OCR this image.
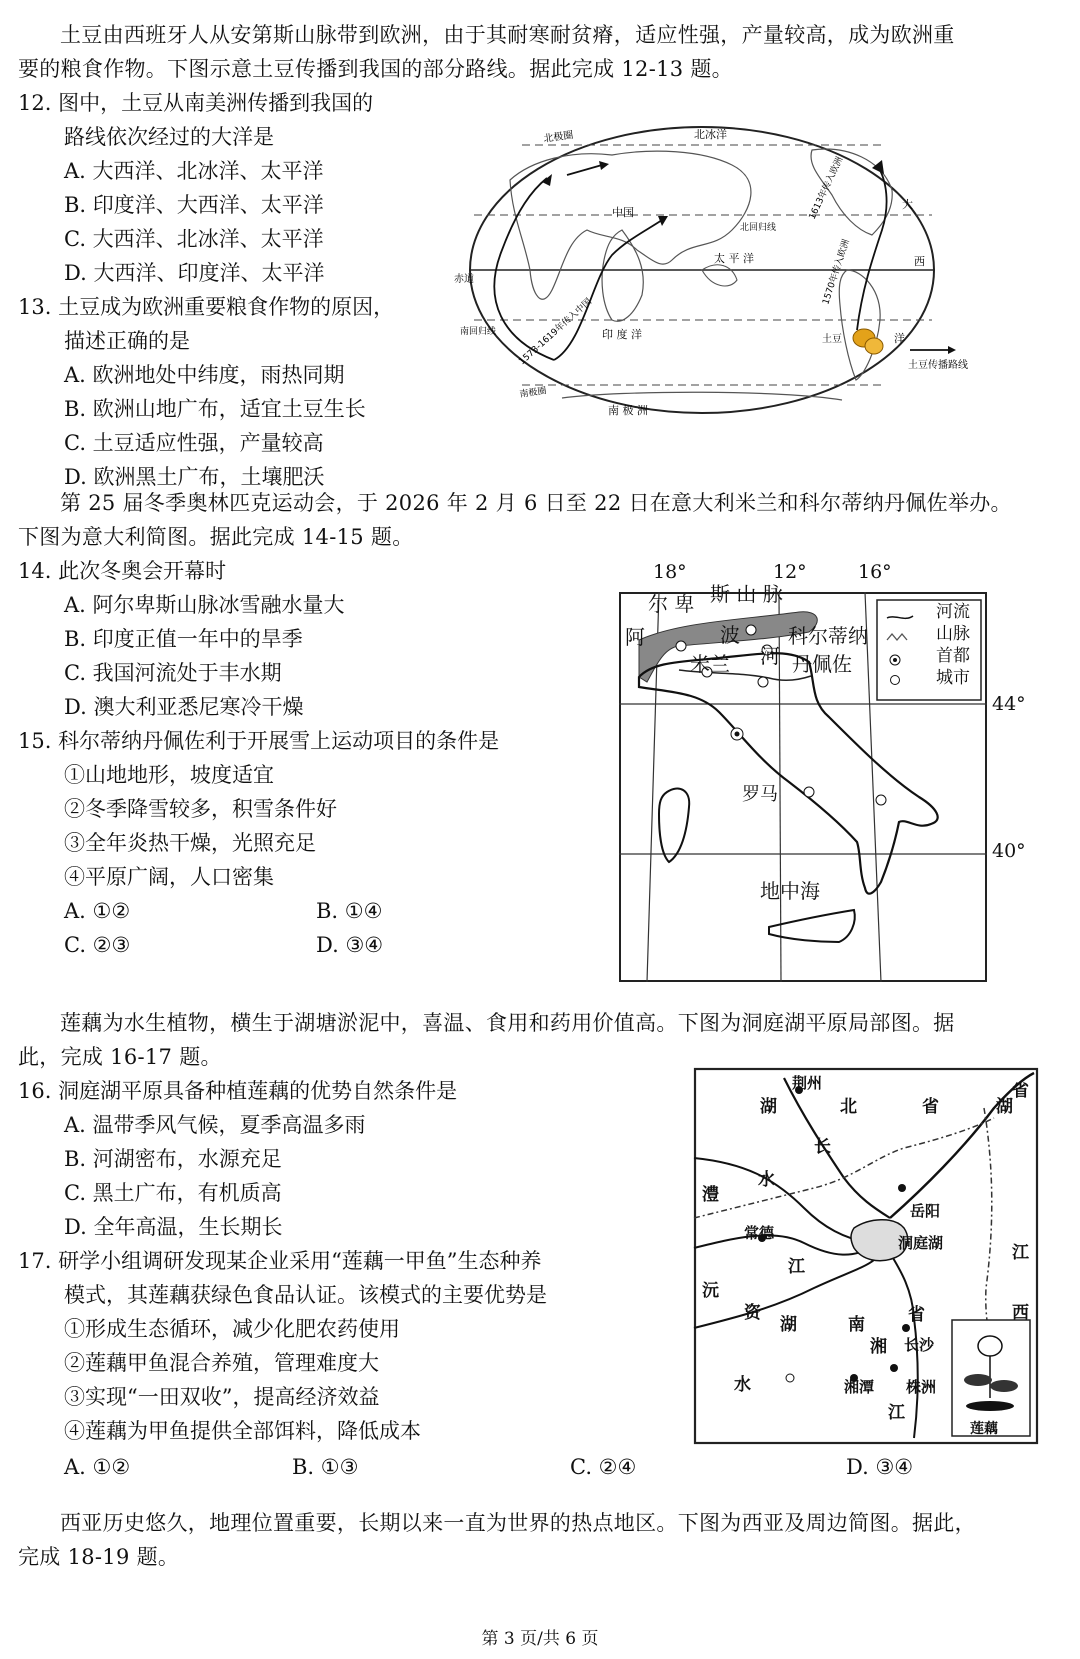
土豆由西班牙人从安第斯山脉带到欧洲，由于其耐寒耐贫瘠，适应性强，产量较高，成为欧洲重
要的粮食作物。下图示意土豆传播到我国的部分路线。据此完成 12-13 题。
12. 图中，土豆从南美洲传播到我国的
路线依次经过的大洋是
A. 大西洋、北冰洋、太平洋
B. 印度洋、大西洋、太平洋
C. 大西洋、北冰洋、太平洋
D. 大西洋、印度洋、太平洋
13. 土豆成为欧洲重要粮食作物的原因，
描述正确的是
A. 欧洲地处中纬度，雨热同期
B. 欧洲山地广布，适宜土豆生长
C. 土豆适应性强，产量较高
D. 欧洲黑土广布，土壤肥沃
北极圈	北冰洋
中国
北回归线
太 平 洋
赤道
南回归线	印 度 洋
南极圈
南 极 洲
1573-1619年传入中国
1613年传入欧洲
1570年传入欧洲
土豆
大
西
洋
土豆传播路线
第 25 届冬季奥林匹克运动会，于 2026 年 2 月 6 日至 22 日在意大利米兰和科尔蒂纳丹佩佐举办。
下图为意大利简图。据此完成 14-15 题。
14. 此次冬奥会开幕时
A. 阿尔卑斯山脉冰雪融水量大
B. 印度正值一年中的旱季
C. 我国河流处于丰水期
D. 澳大利亚悉尼寒冷干燥
15. 科尔蒂纳丹佩佐利于开展雪上运动项目的条件是
①山地地形，坡度适宜
②冬季降雪较多，积雪条件好
③全年炎热干燥，光照充足
④平原广阔，人口密集
A. ①②	B. ①④
C. ②③	D. ③④
18°	12°	16°
44°
40°
尔 卑 斯 山 脉
阿	波
河
米兰
科尔蒂纳
丹佩佐
罗马
地中海
河流
山脉
首都
城市
莲藕为水生植物，横生于湖塘淤泥中，喜温、食用和药用价值高。下图为洞庭湖平原局部图。据
此，完成 16-17 题。
16. 洞庭湖平原具备种植莲藕的优势自然条件是
A. 温带季风气候，夏季高温多雨
B. 河湖密布，水源充足
C. 黑土广布，有机质高
D. 全年高温，生长期长
17. 研学小组调研发现某企业采用“莲藕一甲鱼”生态种养
模式，其莲藕获绿色食品认证。该模式的主要优势是
①形成生态循环，减少化肥农药使用
②莲藕甲鱼混合养殖，管理难度大
③实现“一田双收”，提高经济效益
④莲藕为甲鱼提供全部饵料，降低成本
A. ①②	B. ①③	C. ②④	D. ③④
湖
荆州
北	省	湖
长
水
澧
岳阳
常德
洞庭湖
江
沅
资
湖	南	省
湘 长沙
湘潭 株洲
江
水
江
西
省
莲藕
西亚历史悠久，地理位置重要，长期以来一直为世界的热点地区。下图为西亚及周边简图。据此，
完成 18-19 题。
第 3 页/共 6 页
